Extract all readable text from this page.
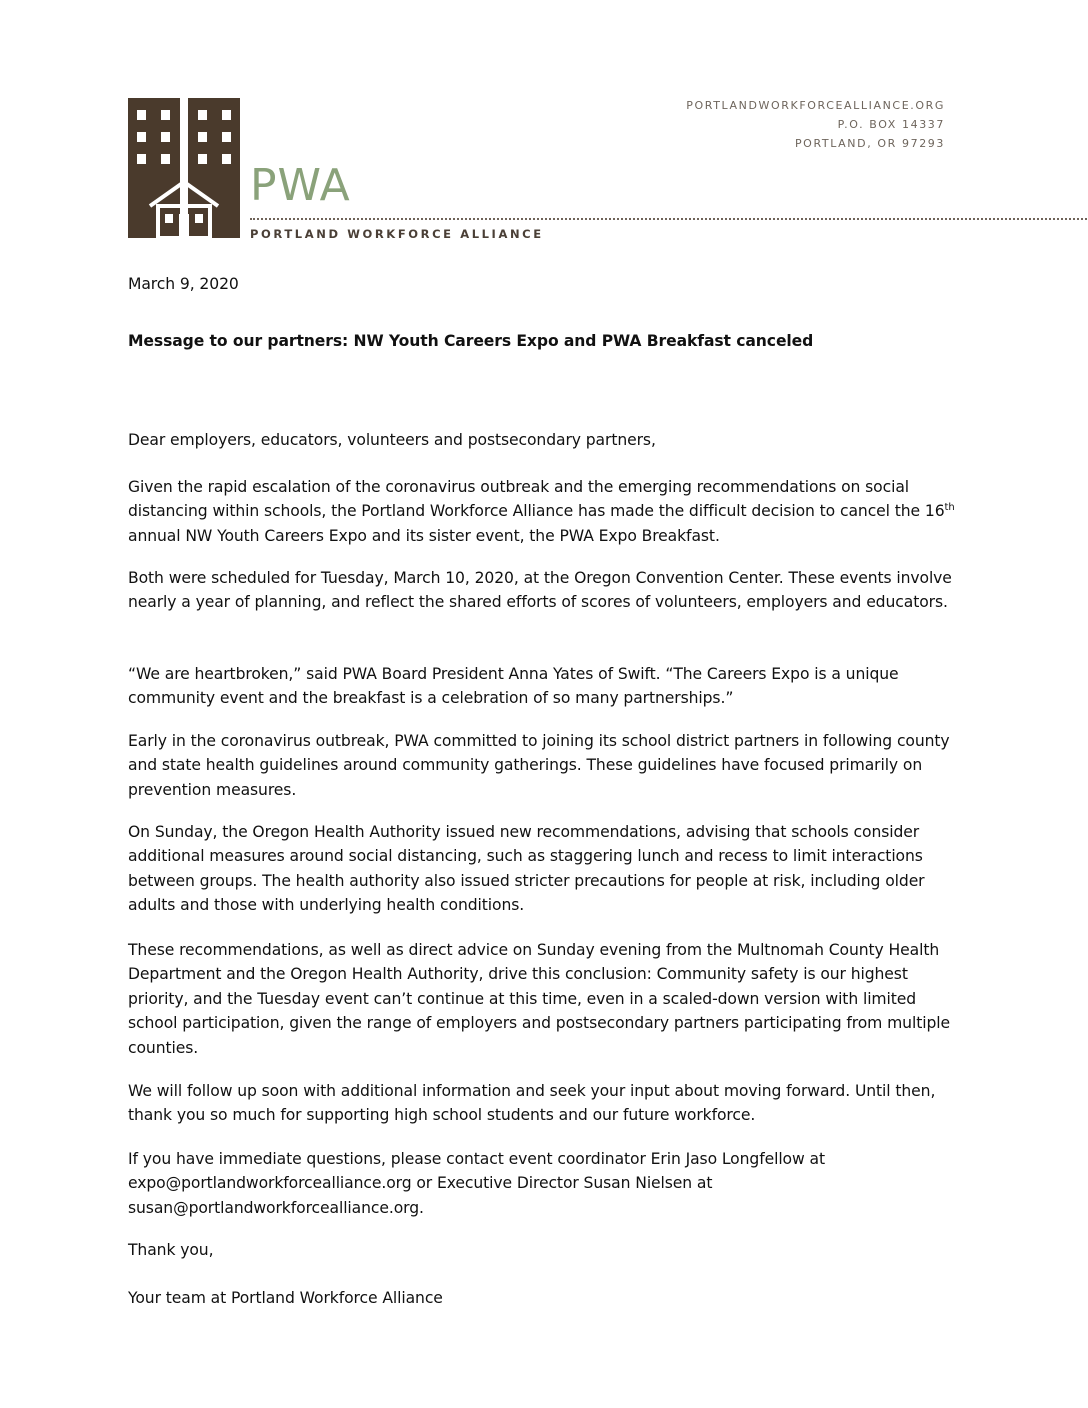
PWA
PORTLAND WORKFORCE ALLIANCE
PORTLANDWORKFORCEALLIANCE.ORG
P.O. BOX 14337
PORTLAND, OR 97293

March 9, 2020

Message to our partners: NW Youth Careers Expo and PWA Breakfast canceled

Dear employers, educators, volunteers and postsecondary partners,

Given the rapid escalation of the coronavirus outbreak and the emerging recommendations on social distancing within schools, the Portland Workforce Alliance has made the difficult decision to cancel the 16th annual NW Youth Careers Expo and its sister event, the PWA Expo Breakfast.

Both were scheduled for Tuesday, March 10, 2020, at the Oregon Convention Center. These events involve nearly a year of planning, and reflect the shared efforts of scores of volunteers, employers and educators.

“We are heartbroken,” said PWA Board President Anna Yates of Swift. “The Careers Expo is a unique community event and the breakfast is a celebration of so many partnerships.”

Early in the coronavirus outbreak, PWA committed to joining its school district partners in following county and state health guidelines around community gatherings. These guidelines have focused primarily on prevention measures.

On Sunday, the Oregon Health Authority issued new recommendations, advising that schools consider additional measures around social distancing, such as staggering lunch and recess to limit interactions between groups. The health authority also issued stricter precautions for people at risk, including older adults and those with underlying health conditions.

These recommendations, as well as direct advice on Sunday evening from the Multnomah County Health Department and the Oregon Health Authority, drive this conclusion: Community safety is our highest priority, and the Tuesday event can’t continue at this time, even in a scaled-down version with limited school participation, given the range of employers and postsecondary partners participating from multiple counties.

We will follow up soon with additional information and seek your input about moving forward. Until then, thank you so much for supporting high school students and our future workforce.

If you have immediate questions, please contact event coordinator Erin Jaso Longfellow at expo@portlandworkforcealliance.org or Executive Director Susan Nielsen at susan@portlandworkforcealliance.org.

Thank you,

Your team at Portland Workforce Alliance
